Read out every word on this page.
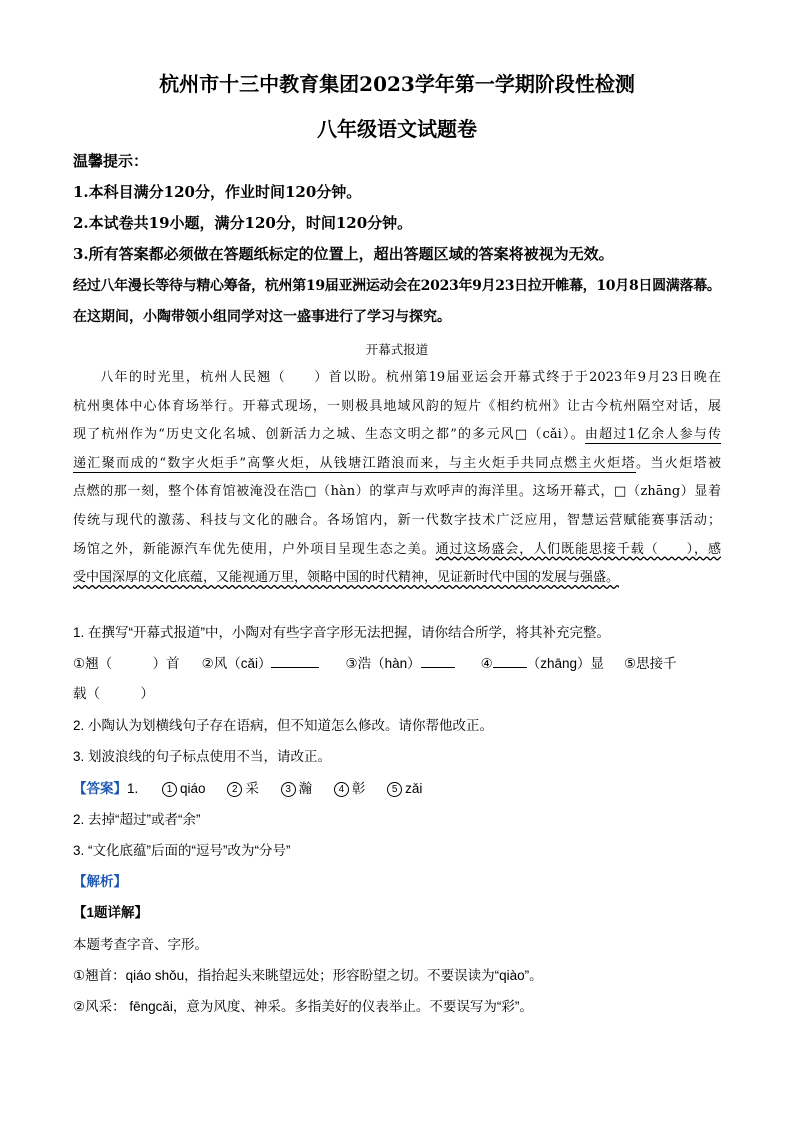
杭州市十三中教育集团2023学年第一学期阶段性检测
八年级语文试题卷
温馨提示：
1.本科目满分120分，作业时间120分钟。
2.本试卷共19小题，满分120分，时间120分钟。
3.所有答案都必须做在答题纸标定的位置上，超出答题区域的答案将被视为无效。
经过八年漫长等待与精心筹备，杭州第19届亚洲运动会在2023年9月23日拉开帷幕，10月8日圆满落幕。
在这期间，小陶带领小组同学对这一盛事进行了学习与探究。
开幕式报道
八年的时光里，杭州人民翘（　　）首以盼。杭州第19届亚运会开幕式终于于2023年9月23日晚在
杭州奥体中心体育场举行。开幕式现场，一则极具地域风韵的短片《相约杭州》让古今杭州隔空对话，展
现了杭州作为“历史文化名城、创新活力之城、生态文明之都”的多元风□（cǎi）。由超过1亿余人参与传
递汇聚而成的“数字火炬手”高擎火炬，从钱塘江踏浪而来，与主火炬手共同点燃主火炬塔。当火炬塔被
点燃的那一刻，整个体育馆被淹没在浩□（hàn）的掌声与欢呼声的海洋里。这场开幕式，□（zhāng）显着
传统与现代的激荡、科技与文化的融合。各场馆内，新一代数字技术广泛应用，智慧运营赋能赛事活动；
场馆之外，新能源汽车优先使用，户外项目呈现生态之美。通过这场盛会，人们既能思接千载（　　），感
受中国深厚的文化底蕴，又能视通万里，领略中国的时代精神，见证新时代中国的发展与强盛。
1. 在撰写“开幕式报道”中，小陶对有些字音字形无法把握，请你结合所学，将其补充完整。
①翘（　　　）首 ②风（cǎi）	③浩（hàn）	④	（zhāng）显 ⑤思接千
载（　　　）
2. 小陶认为划横线句子存在语病，但不知道怎么修改。请你帮他改正。
3. 划波浪线的句子标点使用不当，请改正。
【答案】1.	1 qiáo	2 采	3 瀚	4 彰	5 zǎi
2. 去掉“超过”或者“余”
3. “文化底蕴”后面的“逗号”改为“分号”
【解析】
【1题详解】
本题考查字音、字形。
①翘首：qiáo shǒu，指抬起头来眺望远处；形容盼望之切。不要误读为“qiào”。
②风采： fēngcǎi，意为风度、神采。多指美好的仪表举止。不要误写为“彩”。
